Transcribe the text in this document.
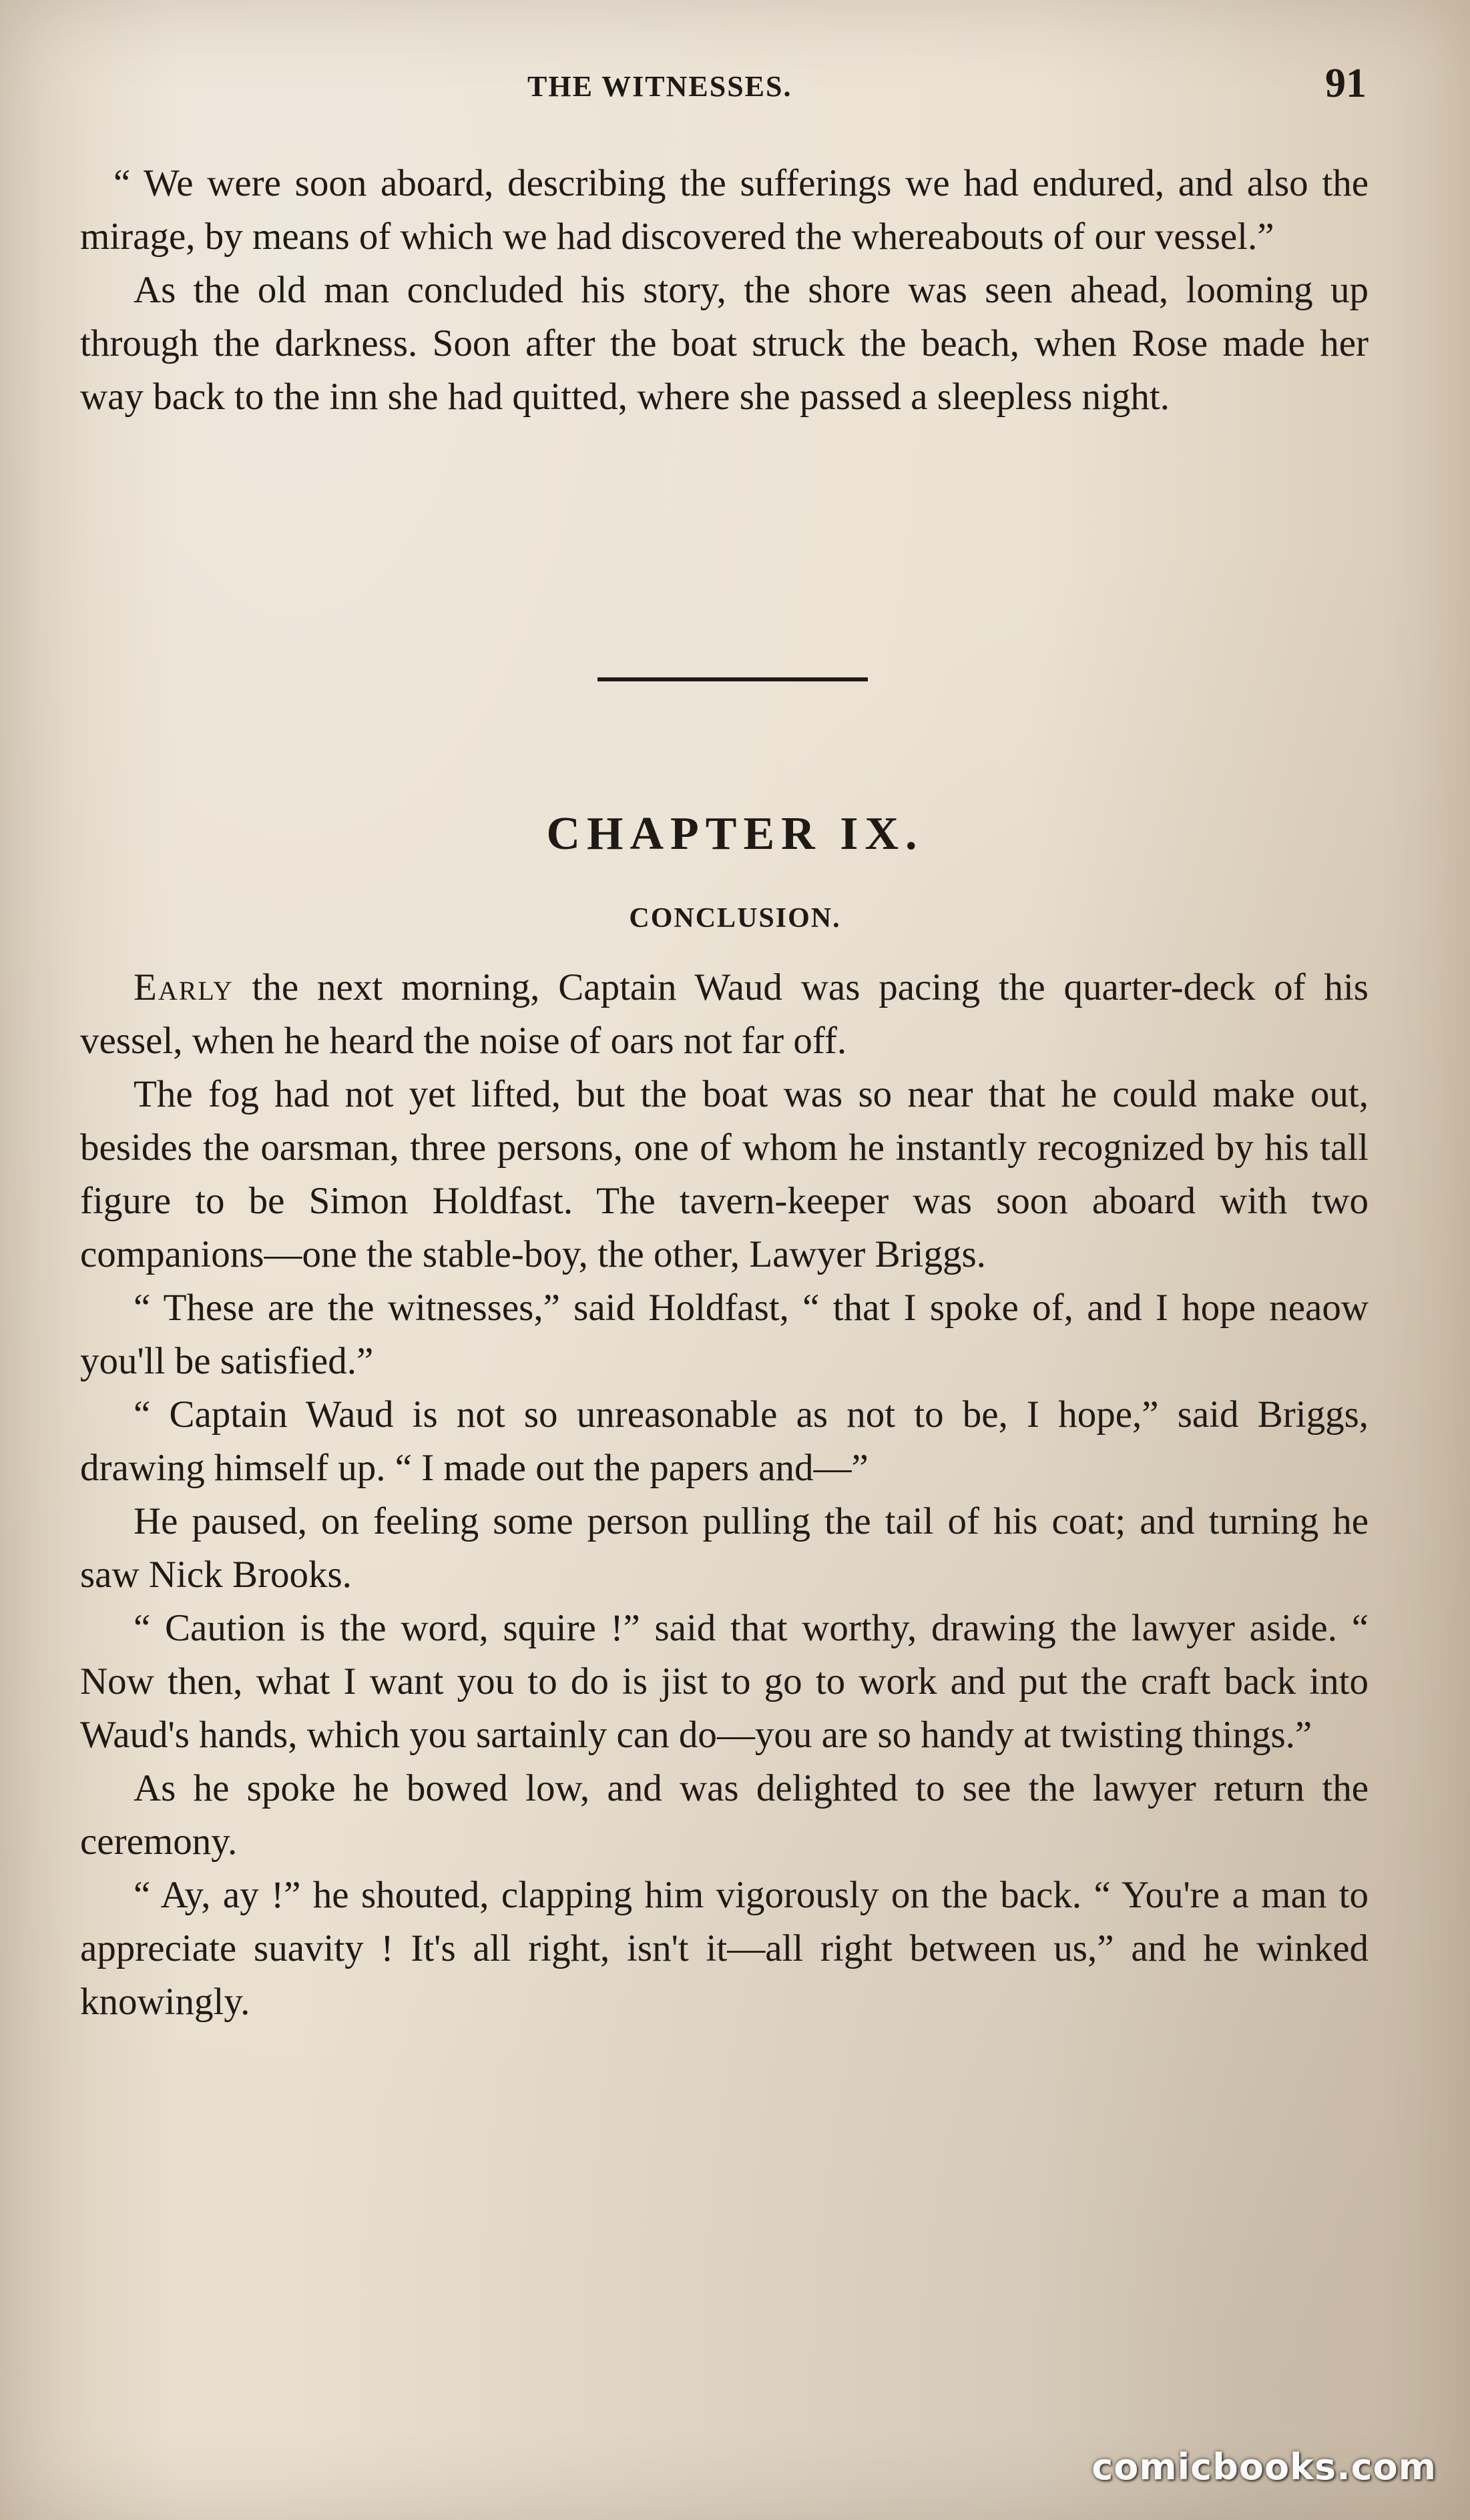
THE WITNESSES.	91

“ We were soon aboard, describing the sufferings we had endured, and also the mirage, by means of which we had discovered the whereabouts of our vessel.”

As the old man concluded his story, the shore was seen ahead, looming up through the darkness. Soon after the boat struck the beach, when Rose made her way back to the inn she had quitted, where she passed a sleepless night.

CHAPTER IX.
CONCLUSION.

Early the next morning, Captain Waud was pacing the quarter-deck of his vessel, when he heard the noise of oars not far off.

The fog had not yet lifted, but the boat was so near that he could make out, besides the oarsman, three persons, one of whom he instantly recognized by his tall figure to be Simon Holdfast. The tavern-keeper was soon aboard with two companions—one the stable-boy, the other, Lawyer Briggs.

“ These are the witnesses,” said Holdfast, “ that I spoke of, and I hope neaow you'll be satisfied.”

“ Captain Waud is not so unreasonable as not to be, I hope,” said Briggs, drawing himself up. “ I made out the papers and—”

He paused, on feeling some person pulling the tail of his coat; and turning he saw Nick Brooks.

“ Caution is the word, squire !” said that worthy, drawing the lawyer aside. “ Now then, what I want you to do is jist to go to work and put the craft back into Waud's hands, which you sartainly can do—you are so handy at twisting things.”

As he spoke he bowed low, and was delighted to see the lawyer return the ceremony.

“ Ay, ay !” he shouted, clapping him vigorously on the back. “ You're a man to appreciate suavity ! It's all right, isn't it—all right between us,” and he winked knowingly.

comicbooks.com
